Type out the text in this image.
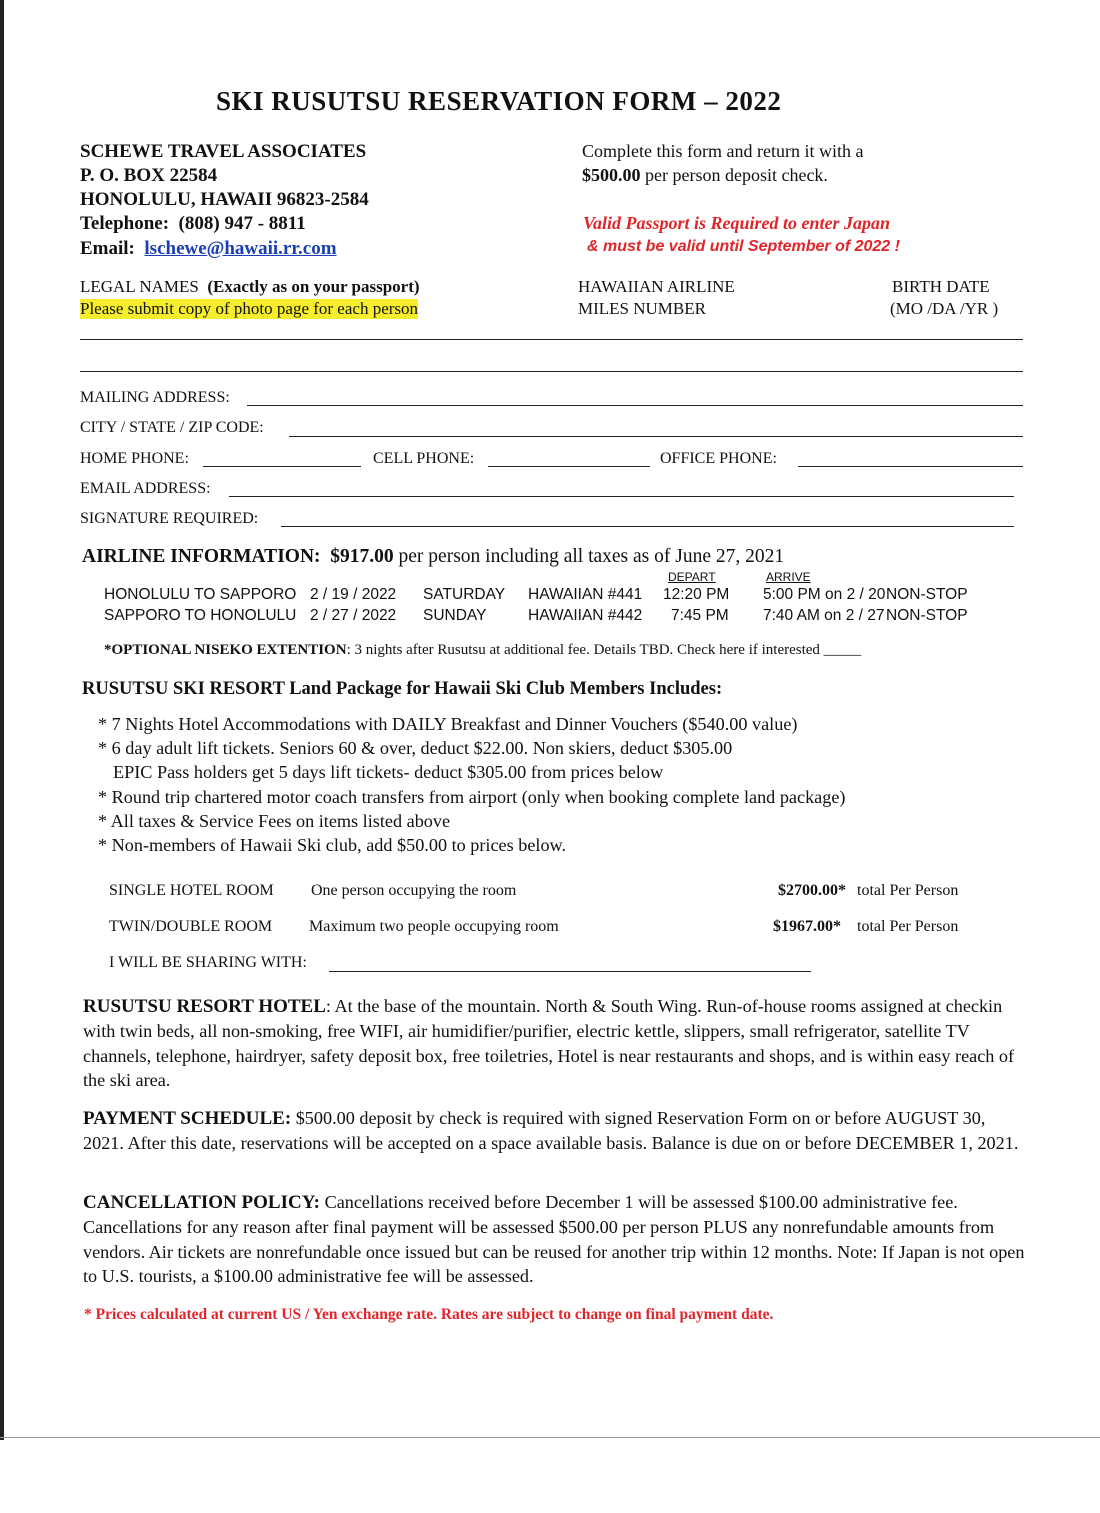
SKI RUSUTSU RESERVATION FORM – 2022
SCHEWE TRAVEL ASSOCIATES
P. O. BOX 22584
HONOLULU, HAWAII 96823-2584
Telephone: (808) 947 - 8811
Email: lschewe@hawaii.rr.com
Complete this form and return it with a
$500.00 per person deposit check.
Valid Passport is Required to enter Japan
& must be valid until September of 2022 !
LEGAL NAMES (Exactly as on your passport)
Please submit copy of photo page for each person
HAWAIIAN AIRLINE
MILES NUMBER
BIRTH DATE
(MO /DA /YR )
MAILING ADDRESS:
CITY / STATE / ZIP CODE:
HOME PHONE:	CELL PHONE:	OFFICE PHONE:
EMAIL ADDRESS:
SIGNATURE REQUIRED:
AIRLINE INFORMATION: $917.00 per person including all taxes as of June 27, 2021
DEPART	ARRIVE
HONOLULU TO SAPPORO 2 / 19 / 2022 SATURDAY HAWAIIAN #441 12:20 PM 5:00 PM on 2 / 20 NON-STOP
SAPPORO TO HONOLULU 2 / 27 / 2022 SUNDAY	HAWAIIAN #442 7:45 PM 7:40 AM on 2 / 27 NON-STOP
*OPTIONAL NISEKO EXTENTION: 3 nights after Rusutsu at additional fee. Details TBD. Check here if interested _____
RUSUTSU SKI RESORT Land Package for Hawaii Ski Club Members Includes:
* 7 Nights Hotel Accommodations with DAILY Breakfast and Dinner Vouchers ($540.00 value)
* 6 day adult lift tickets. Seniors 60 & over, deduct $22.00. Non skiers, deduct $305.00
EPIC Pass holders get 5 days lift tickets- deduct $305.00 from prices below
* Round trip chartered motor coach transfers from airport (only when booking complete land package)
* All taxes & Service Fees on items listed above
* Non-members of Hawaii Ski club, add $50.00 to prices below.
SINGLE HOTEL ROOM One person occupying the room	$2700.00* total Per Person
TWIN/DOUBLE ROOM Maximum two people occupying room	$1967.00* total Per Person
I WILL BE SHARING WITH:
RUSUTSU RESORT HOTEL: At the base of the mountain. North & South Wing. Run-of-house rooms assigned at checkin with twin beds, all non-smoking, free WIFI, air humidifier/purifier, electric kettle, slippers, small refrigerator, satellite TV channels, telephone, hairdryer, safety deposit box, free toiletries, Hotel is near restaurants and shops, and is within easy reach of the ski area.
PAYMENT SCHEDULE: $500.00 deposit by check is required with signed Reservation Form on or before AUGUST 30, 2021. After this date, reservations will be accepted on a space available basis. Balance is due on or before DECEMBER 1, 2021.
CANCELLATION POLICY: Cancellations received before December 1 will be assessed $100.00 administrative fee. Cancellations for any reason after final payment will be assessed $500.00 per person PLUS any nonrefundable amounts from vendors. Air tickets are nonrefundable once issued but can be reused for another trip within 12 months. Note: If Japan is not open to U.S. tourists, a $100.00 administrative fee will be assessed.
* Prices calculated at current US / Yen exchange rate. Rates are subject to change on final payment date.
